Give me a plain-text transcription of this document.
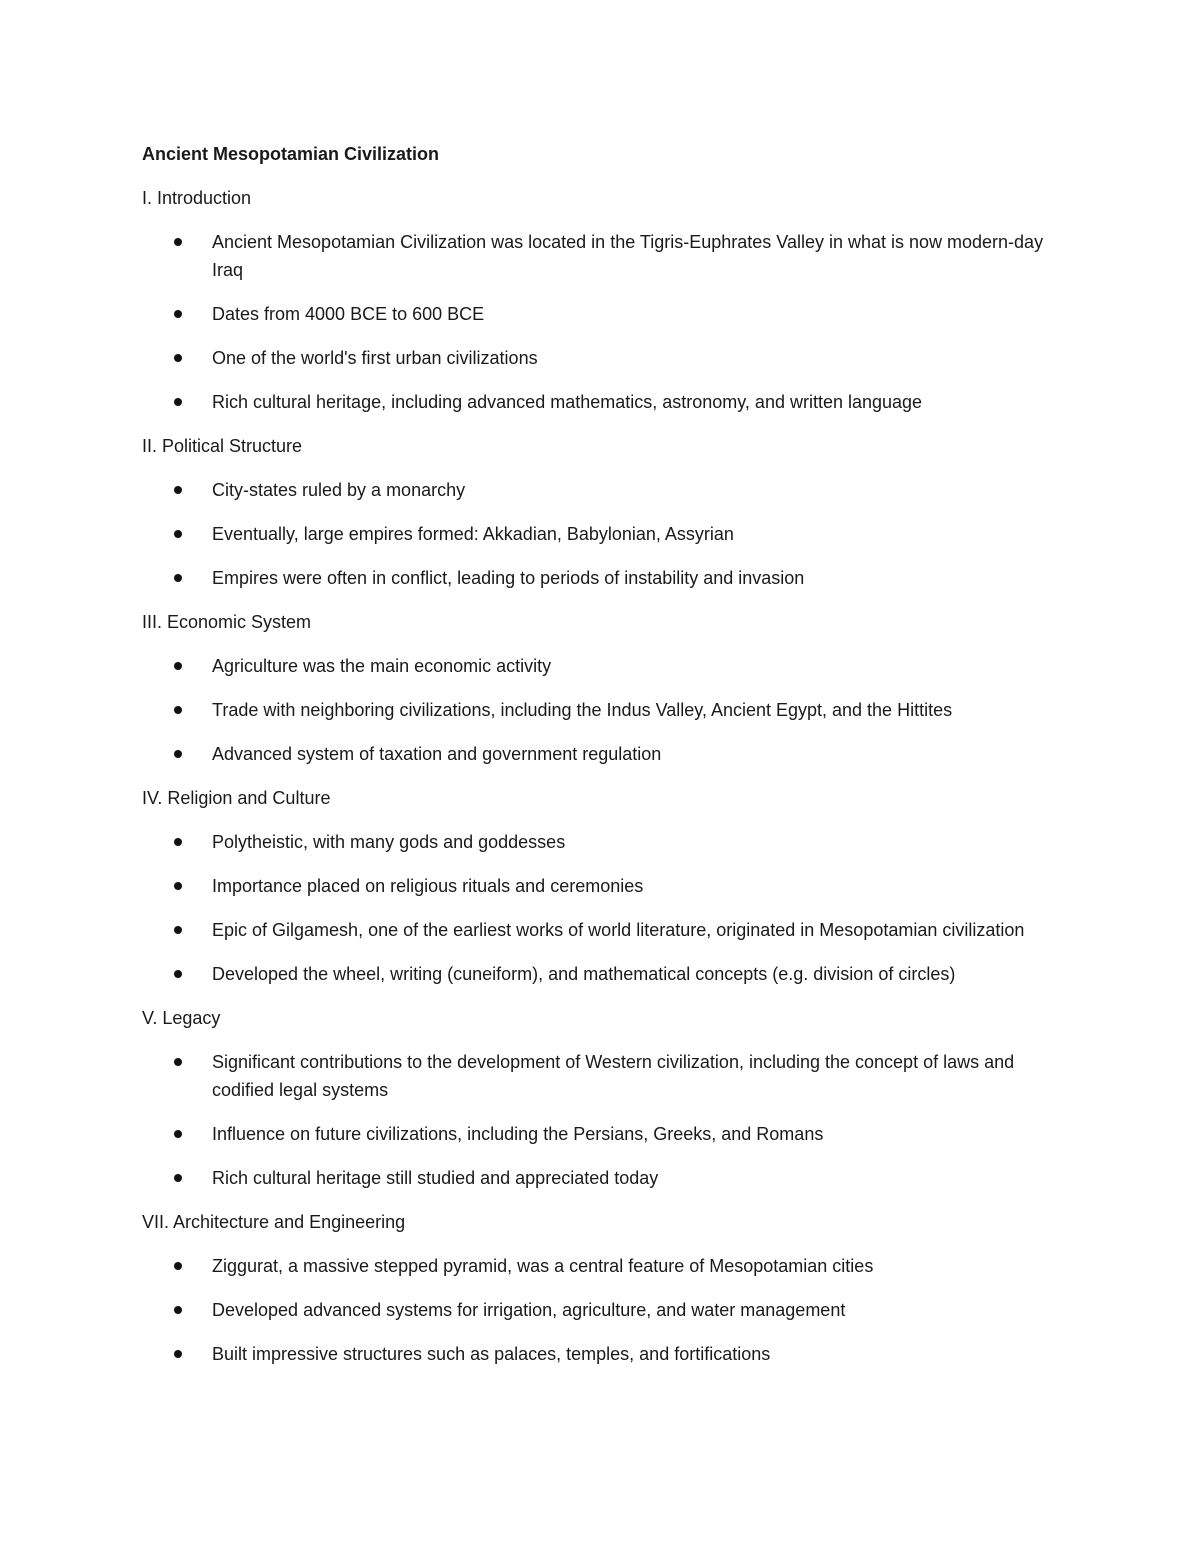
Ancient Mesopotamian Civilization
I. Introduction
Ancient Mesopotamian Civilization was located in the Tigris-Euphrates Valley in what is now modern-day Iraq
Dates from 4000 BCE to 600 BCE
One of the world's first urban civilizations
Rich cultural heritage, including advanced mathematics, astronomy, and written language
II. Political Structure
City-states ruled by a monarchy
Eventually, large empires formed: Akkadian, Babylonian, Assyrian
Empires were often in conflict, leading to periods of instability and invasion
III. Economic System
Agriculture was the main economic activity
Trade with neighboring civilizations, including the Indus Valley, Ancient Egypt, and the Hittites
Advanced system of taxation and government regulation
IV. Religion and Culture
Polytheistic, with many gods and goddesses
Importance placed on religious rituals and ceremonies
Epic of Gilgamesh, one of the earliest works of world literature, originated in Mesopotamian civilization
Developed the wheel, writing (cuneiform), and mathematical concepts (e.g. division of circles)
V. Legacy
Significant contributions to the development of Western civilization, including the concept of laws and codified legal systems
Influence on future civilizations, including the Persians, Greeks, and Romans
Rich cultural heritage still studied and appreciated today
VII. Architecture and Engineering
Ziggurat, a massive stepped pyramid, was a central feature of Mesopotamian cities
Developed advanced systems for irrigation, agriculture, and water management
Built impressive structures such as palaces, temples, and fortifications
